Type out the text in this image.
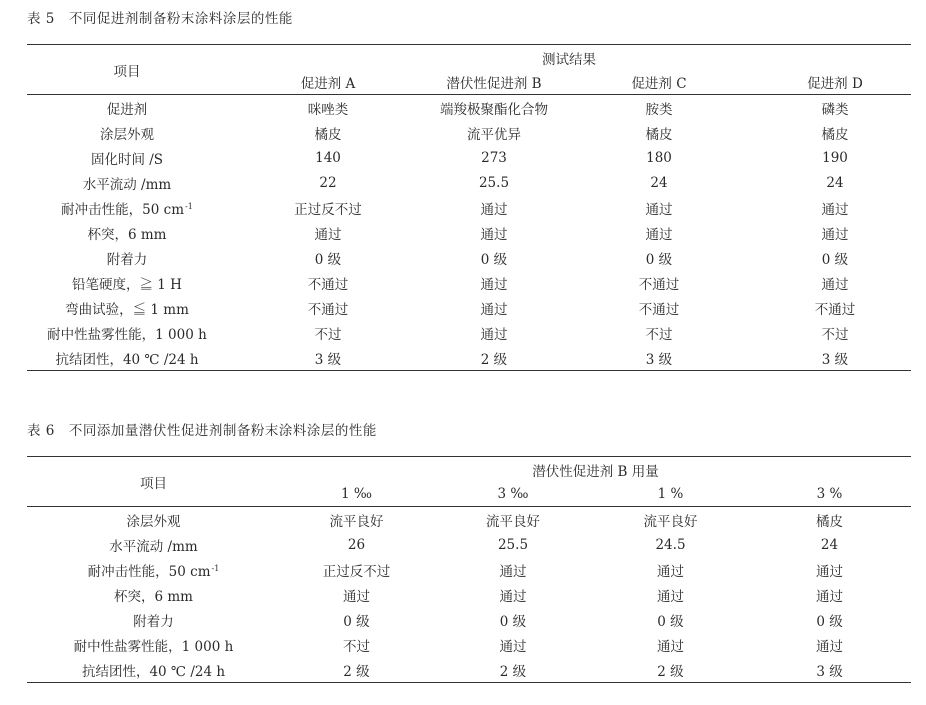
表 5　不同促进剂制备粉末涂料涂层的性能
项目	测试结果			
	促进剂 A	潜伏性促进剂 B	促进剂 C	促进剂 D
促进剂	咪唑类	端羧极聚酯化合物	胺类	磷类
涂层外观	橘皮	流平优异	橘皮	橘皮
固化时间 /S	140	273	180	190
水平流动 /mm	22	25.5	24	24
耐冲击性能，50 $cm^{-1}$	正过反不过	通过	通过	通过
杯突，6 mm	通过	通过	通过	通过
附着力	0 级	0 级	0 级	0 级
铅笔硬度，≧ 1 H	不通过	通过	不通过	通过
弯曲试验，≦ 1 mm	不通过	通过	不通过	不通过
耐中性盐雾性能，1 000 h	不过	通过	不过	不过
抗结团性，40 ℃ /24 h	3 级	2 级	3 级	3 级
表 6　不同添加量潜伏性促进剂制备粉末涂料涂层的性能
项目	潜伏性促进剂 B 用量			
	1 ‰	3 ‰	1 %	3 %
涂层外观	流平良好	流平良好	流平良好	橘皮
水平流动 /mm	26	25.5	24.5	24
耐冲击性能，50 $cm^{-1}$	正过反不过	通过	通过	通过
杯突，6 mm	通过	通过	通过	通过
附着力	0 级	0 级	0 级	0 级
耐中性盐雾性能，1 000 h	不过	通过	通过	通过
抗结团性，40 ℃ /24 h	2 级	2 级	2 级	3 级
